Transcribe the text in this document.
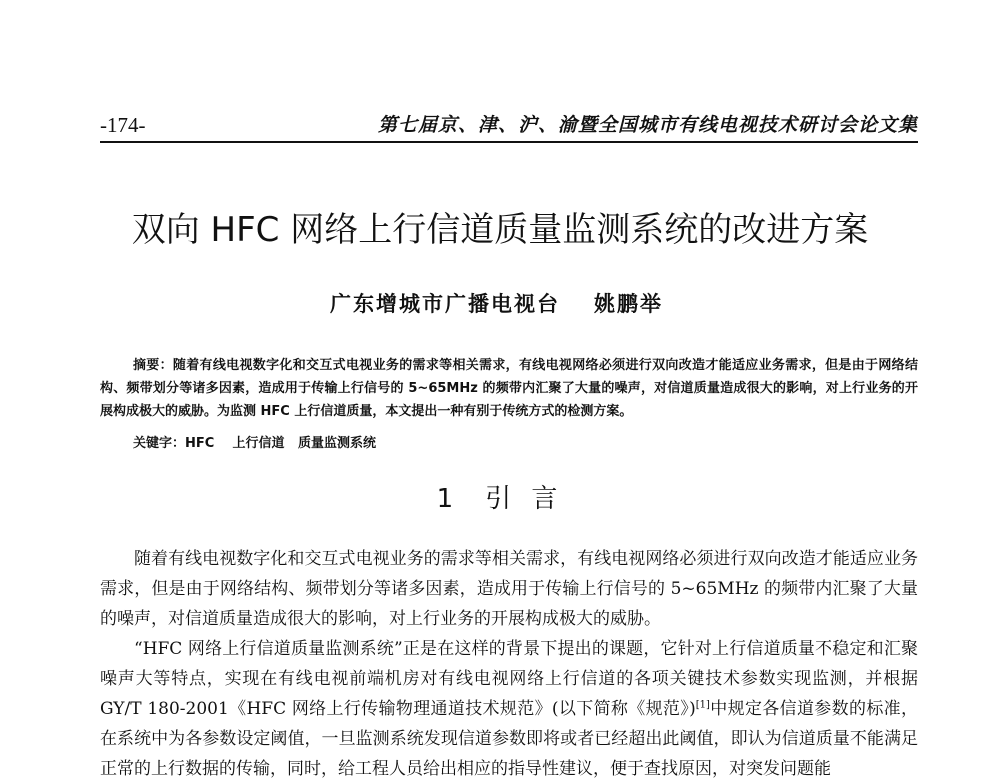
-174-	第七届京、津、沪、渝暨全国城市有线电视技术研讨会论文集
双向 HFC 网络上行信道质量监测系统的改进方案
广东增城市广播电视台 姚鹏举
摘要：随着有线电视数字化和交互式电视业务的需求等相关需求，有线电视网络必须进行双向改造才能适应业务需求，但是由于网络结构、频带划分等诸多因素，造成用于传输上行信号的 5~65MHz 的频带内汇聚了大量的噪声，对信道质量造成很大的影响，对上行业务的开展构成极大的威胁。为监测 HFC 上行信道质量，本文提出一种有别于传统方式的检测方案。
关键字：HFC 上行信道 质量监测系统
1 引 言

随着有线电视数字化和交互式电视业务的需求等相关需求，有线电视网络必须进行双向改造才能适应业务需求，但是由于网络结构、频带划分等诸多因素，造成用于传输上行信号的 5~65MHz 的频带内汇聚了大量的噪声，对信道质量造成很大的影响，对上行业务的开展构成极大的威胁。

“HFC 网络上行信道质量监测系统”正是在这样的背景下提出的课题，它针对上行信道质量不稳定和汇聚噪声大等特点，实现在有线电视前端机房对有线电视网络上行信道的各项关键技术参数实现监测，并根据 GY/T 180-2001《HFC 网络上行传输物理通道技术规范》(以下简称《规范》)[1]中规定各信道参数的标准，在系统中为各参数设定阈值，一旦监测系统发现信道参数即将或者已经超出此阈值，即认为信道质量不能满足正常的上行数据的传输，同时，给工程人员给出相应的指导性建议，便于查找原因，对突发问题能
